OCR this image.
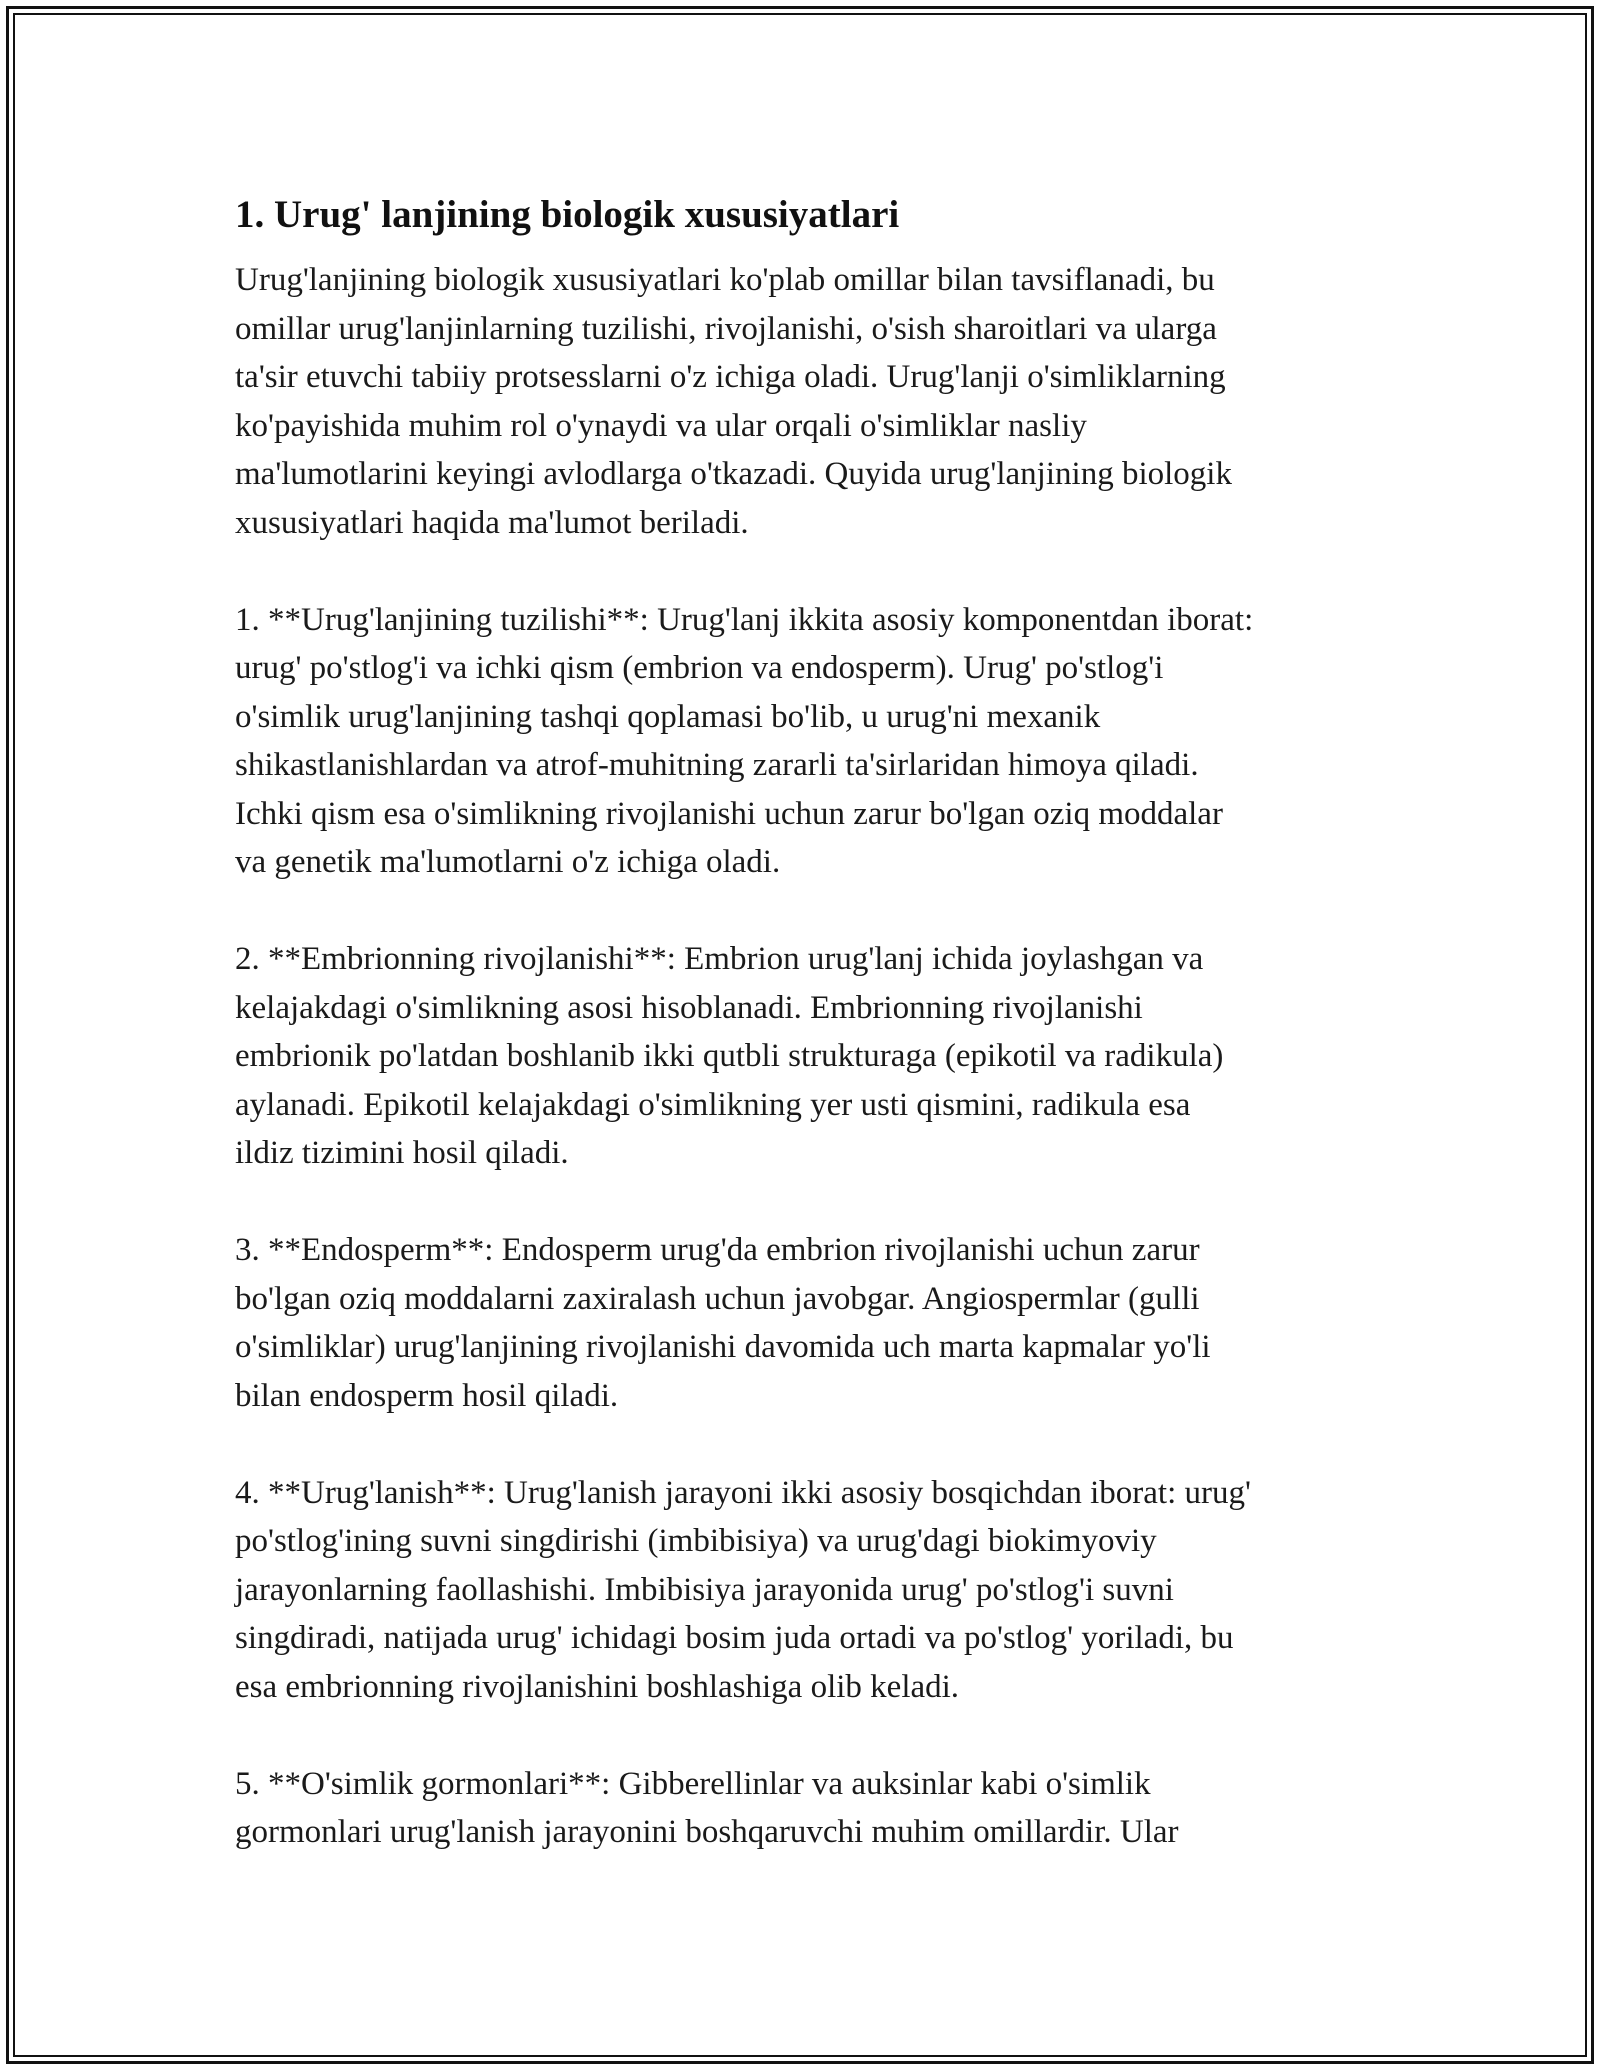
1. Urug' lanjining biologik xususiyatlari

Urug'lanjining biologik xususiyatlari ko'plab omillar bilan tavsiflanadi, bu
omillar urug'lanjinlarning tuzilishi, rivojlanishi, o'sish sharoitlari va ularga
ta'sir etuvchi tabiiy protsesslarni o'z ichiga oladi. Urug'lanji o'simliklarning
ko'payishida muhim rol o'ynaydi va ular orqali o'simliklar nasliy
ma'lumotlarini keyingi avlodlarga o'tkazadi. Quyida urug'lanjining biologik
xususiyatlari haqida ma'lumot beriladi.

1. **Urug'lanjining tuzilishi**: Urug'lanj ikkita asosiy komponentdan iborat:
urug' po'stlog'i va ichki qism (embrion va endosperm). Urug' po'stlog'i
o'simlik urug'lanjining tashqi qoplamasi bo'lib, u urug'ni mexanik
shikastlanishlardan va atrof-muhitning zararli ta'sirlaridan himoya qiladi.
Ichki qism esa o'simlikning rivojlanishi uchun zarur bo'lgan oziq moddalar
va genetik ma'lumotlarni o'z ichiga oladi.

2. **Embrionning rivojlanishi**: Embrion urug'lanj ichida joylashgan va
kelajakdagi o'simlikning asosi hisoblanadi. Embrionning rivojlanishi
embrionik po'latdan boshlanib ikki qutbli strukturaga (epikotil va radikula)
aylanadi. Epikotil kelajakdagi o'simlikning yer usti qismini, radikula esa
ildiz tizimini hosil qiladi.

3. **Endosperm**: Endosperm urug'da embrion rivojlanishi uchun zarur
bo'lgan oziq moddalarni zaxiralash uchun javobgar. Angiospermlar (gulli
o'simliklar) urug'lanjining rivojlanishi davomida uch marta kapmalar yo'li
bilan endosperm hosil qiladi.

4. **Urug'lanish**: Urug'lanish jarayoni ikki asosiy bosqichdan iborat: urug'
po'stlog'ining suvni singdirishi (imbibisiya) va urug'dagi biokimyoviy
jarayonlarning faollashishi. Imbibisiya jarayonida urug' po'stlog'i suvni
singdiradi, natijada urug' ichidagi bosim juda ortadi va po'stlog' yoriladi, bu
esa embrionning rivojlanishini boshlashiga olib keladi.

5. **O'simlik gormonlari**: Gibberellinlar va auksinlar kabi o'simlik
gormonlari urug'lanish jarayonini boshqaruvchi muhim omillardir. Ular
